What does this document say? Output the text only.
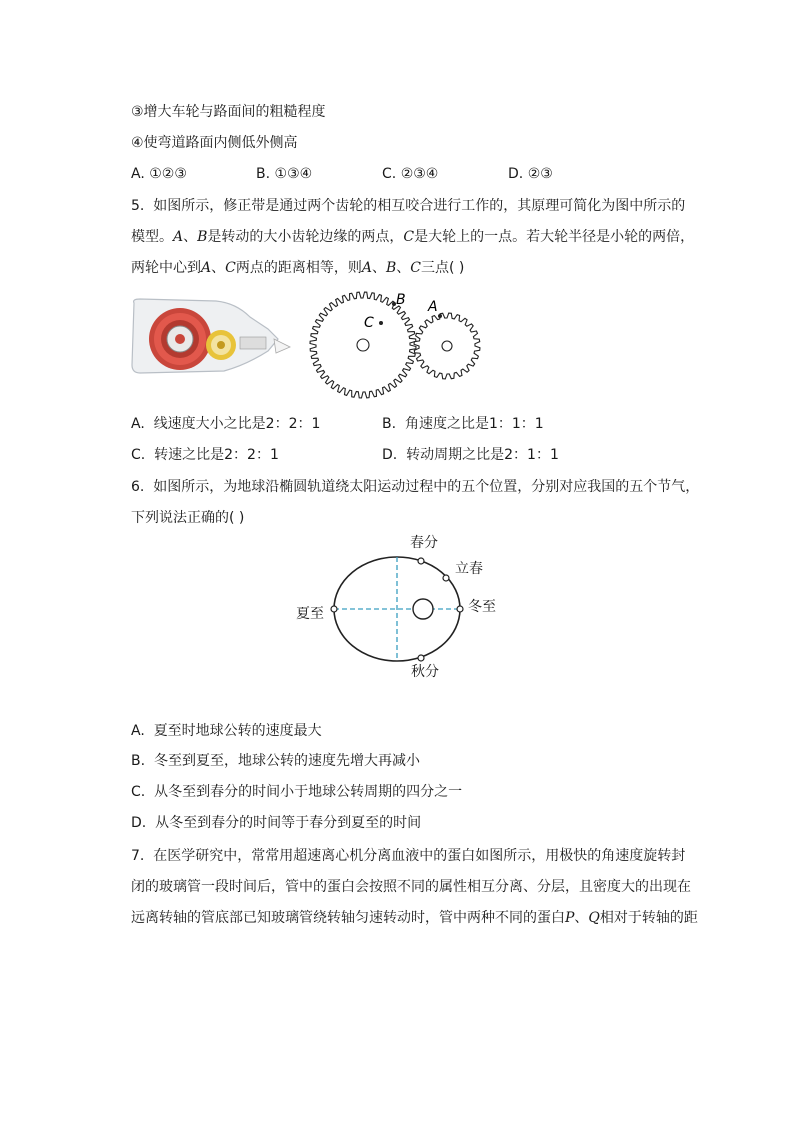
③增大车轮与路面间的粗糙程度
④使弯道路面内侧低外侧高
A. ①②③	B. ①③④	C. ②③④	D. ②③
5. 如图所示，修正带是通过两个齿轮的相互咬合进行工作的，其原理可简化为图中所示的
模型。A、B是转动的大小齿轮边缘的两点，C是大轮上的一点。若大轮半径是小轮的两倍，
两轮中心到A、C两点的距离相等，则A、B、C三点( )
B A
C
A. 线速度大小之比是2：2：1	B. 角速度之比是1：1：1
C. 转速之比是2：2：1	D. 转动周期之比是2：1：1
6. 如图所示，为地球沿椭圆轨道绕太阳运动过程中的五个位置，分别对应我国的五个节气，
下列说法正确的( )
春分
立春
冬至
夏至
秋分
A. 夏至时地球公转的速度最大
B. 冬至到夏至，地球公转的速度先增大再减小
C. 从冬至到春分的时间小于地球公转周期的四分之一
D. 从冬至到春分的时间等于春分到夏至的时间
7. 在医学研究中，常常用超速离心机分离血液中的蛋白如图所示，用极快的角速度旋转封
闭的玻璃管一段时间后，管中的蛋白会按照不同的属性相互分离、分层，且密度大的出现在
远离转轴的管底部已知玻璃管绕转轴匀速转动时，管中两种不同的蛋白P、Q相对于转轴的距
